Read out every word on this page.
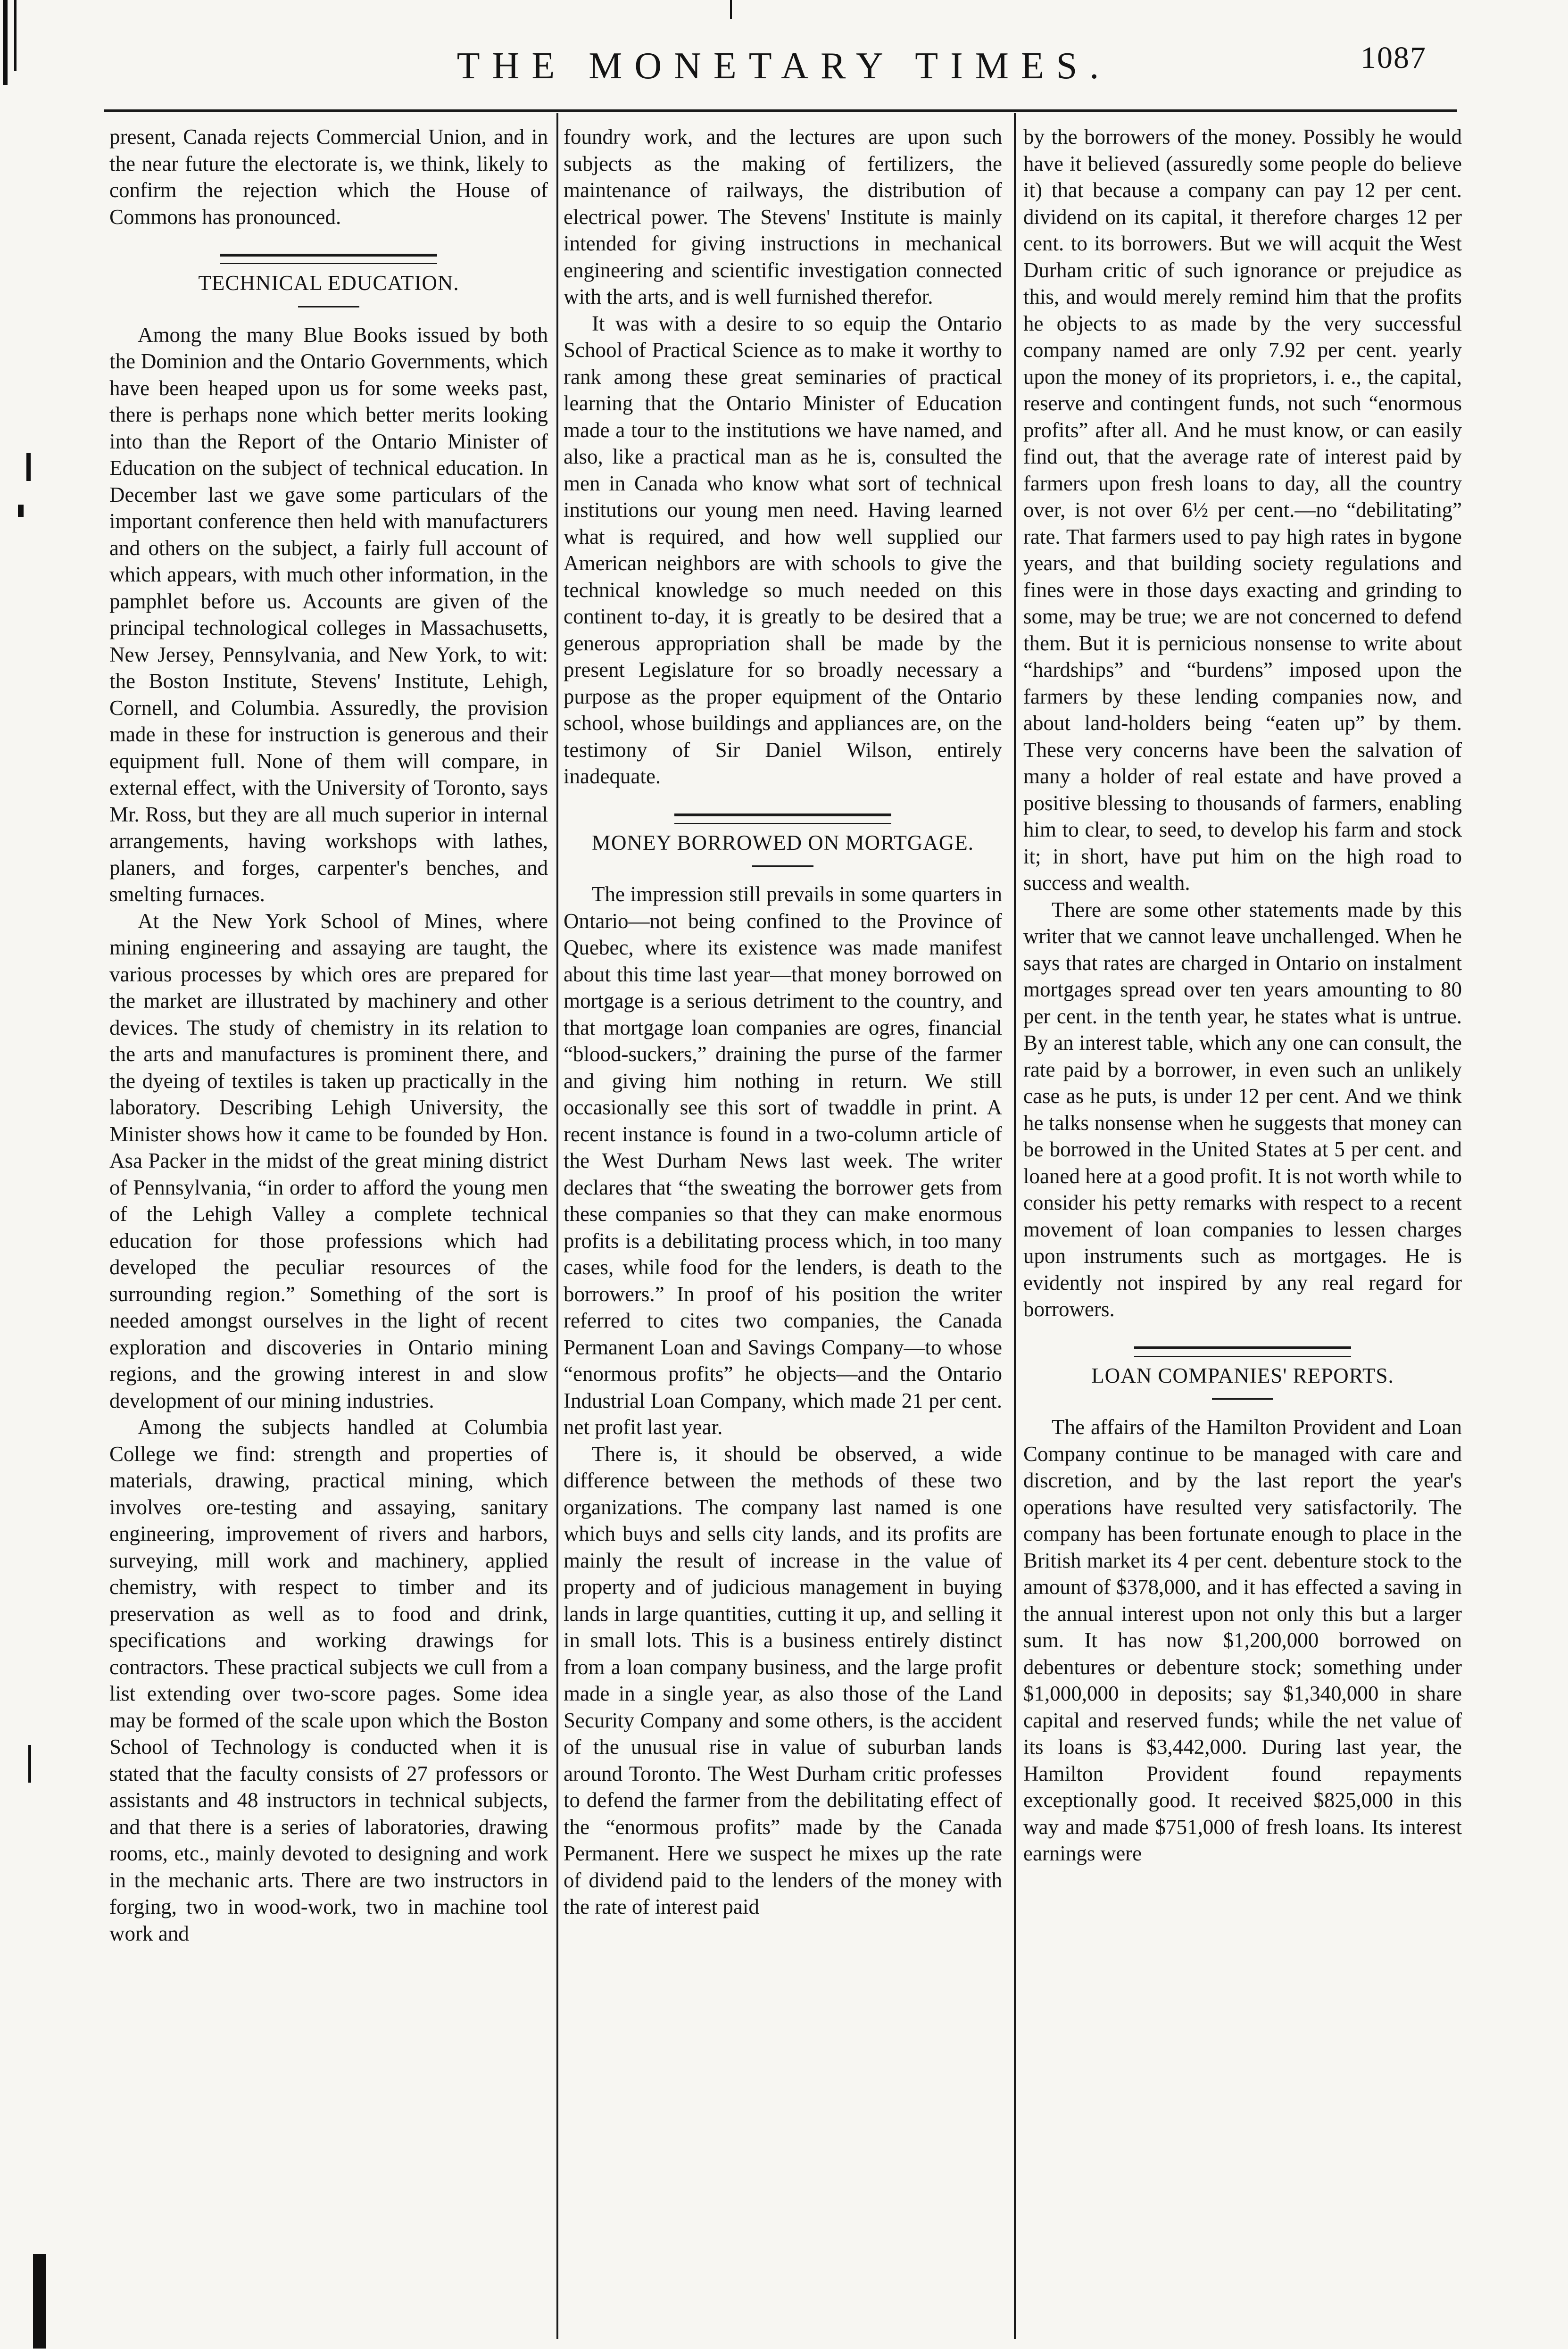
THE MONETARY TIMES.	1087

present, Canada rejects Commercial Union, and in the near future the electorate is, we think, likely to confirm the rejection which the House of Commons has pronounced.

TECHNICAL EDUCATION.

Among the many Blue Books issued by both the Dominion and the Ontario Governments, which have been heaped upon us for some weeks past, there is perhaps none which better merits looking into than the Report of the Ontario Minister of Education on the subject of technical education. In December last we gave some particulars of the important conference then held with manufacturers and others on the subject, a fairly full account of which appears, with much other information, in the pamphlet before us. Accounts are given of the principal technological colleges in Massachusetts, New Jersey, Pennsylvania, and New York, to wit: the Boston Institute, Stevens' Institute, Lehigh, Cornell, and Columbia. Assuredly, the provision made in these for instruction is generous and their equipment full. None of them will compare, in external effect, with the University of Toronto, says Mr. Ross, but they are all much superior in internal arrangements, having workshops with lathes, planers, and forges, carpenter's benches, and smelting furnaces.

At the New York School of Mines, where mining engineering and assaying are taught, the various processes by which ores are prepared for the market are illustrated by machinery and other devices. The study of chemistry in its relation to the arts and manufactures is prominent there, and the dyeing of textiles is taken up practically in the laboratory. Describing Lehigh University, the Minister shows how it came to be founded by Hon. Asa Packer in the midst of the great mining district of Pennsylvania, “in order to afford the young men of the Lehigh Valley a complete technical education for those professions which had developed the peculiar resources of the surrounding region.” Something of the sort is needed amongst ourselves in the light of recent exploration and discoveries in Ontario mining regions, and the growing interest in and slow development of our mining industries.

Among the subjects handled at Columbia College we find: strength and properties of materials, drawing, practical mining, which involves ore-testing and assaying, sanitary engineering, improvement of rivers and harbors, surveying, mill work and machinery, applied chemistry, with respect to timber and its preservation as well as to food and drink, specifications and working drawings for contractors. These practical subjects we cull from a list extending over two-score pages. Some idea may be formed of the scale upon which the Boston School of Technology is conducted when it is stated that the faculty consists of 27 professors or assistants and 48 instructors in technical subjects, and that there is a series of laboratories, drawing rooms, etc., mainly devoted to designing and work in the mechanic arts. There are two instructors in forging, two in wood-work, two in machine tool work and

foundry work, and the lectures are upon such subjects as the making of fertilizers, the maintenance of railways, the distribution of electrical power. The Stevens' Institute is mainly intended for giving instructions in mechanical engineering and scientific investigation connected with the arts, and is well furnished therefor.

It was with a desire to so equip the Ontario School of Practical Science as to make it worthy to rank among these great seminaries of practical learning that the Ontario Minister of Education made a tour to the institutions we have named, and also, like a practical man as he is, consulted the men in Canada who know what sort of technical institutions our young men need. Having learned what is required, and how well supplied our American neighbors are with schools to give the technical knowledge so much needed on this continent to-day, it is greatly to be desired that a generous appropriation shall be made by the present Legislature for so broadly necessary a purpose as the proper equipment of the Ontario school, whose buildings and appliances are, on the testimony of Sir Daniel Wilson, entirely inadequate.

MONEY BORROWED ON MORTGAGE.

The impression still prevails in some quarters in Ontario—not being confined to the Province of Quebec, where its existence was made manifest about this time last year—that money borrowed on mortgage is a serious detriment to the country, and that mortgage loan companies are ogres, financial “blood-suckers,” draining the purse of the farmer and giving him nothing in return. We still occasionally see this sort of twaddle in print. A recent instance is found in a two-column article of the West Durham News last week. The writer declares that “the sweating the borrower gets from these companies so that they can make enormous profits is a debilitating process which, in too many cases, while food for the lenders, is death to the borrowers.” In proof of his position the writer referred to cites two companies, the Canada Permanent Loan and Savings Company—to whose “enormous profits” he objects—and the Ontario Industrial Loan Company, which made 21 per cent. net profit last year.

There is, it should be observed, a wide difference between the methods of these two organizations. The company last named is one which buys and sells city lands, and its profits are mainly the result of increase in the value of property and of judicious management in buying lands in large quantities, cutting it up, and selling it in small lots. This is a business entirely distinct from a loan company business, and the large profit made in a single year, as also those of the Land Security Company and some others, is the accident of the unusual rise in value of suburban lands around Toronto. The West Durham critic professes to defend the farmer from the debilitating effect of the “enormous profits” made by the Canada Permanent. Here we suspect he mixes up the rate of dividend paid to the lenders of the money with the rate of interest paid

by the borrowers of the money. Possibly he would have it believed (assuredly some people do believe it) that because a company can pay 12 per cent. dividend on its capital, it therefore charges 12 per cent. to its borrowers. But we will acquit the West Durham critic of such ignorance or prejudice as this, and would merely remind him that the profits he objects to as made by the very successful company named are only 7.92 per cent. yearly upon the money of its proprietors, i. e., the capital, reserve and contingent funds, not such “enormous profits” after all. And he must know, or can easily find out, that the average rate of interest paid by farmers upon fresh loans to day, all the country over, is not over 6½ per cent.—no “debilitating” rate. That farmers used to pay high rates in bygone years, and that building society regulations and fines were in those days exacting and grinding to some, may be true; we are not concerned to defend them. But it is pernicious nonsense to write about “hardships” and “burdens” imposed upon the farmers by these lending companies now, and about land-holders being “eaten up” by them. These very concerns have been the salvation of many a holder of real estate and have proved a positive blessing to thousands of farmers, enabling him to clear, to seed, to develop his farm and stock it; in short, have put him on the high road to success and wealth.

There are some other statements made by this writer that we cannot leave unchallenged. When he says that rates are charged in Ontario on instalment mortgages spread over ten years amounting to 80 per cent. in the tenth year, he states what is untrue. By an interest table, which any one can consult, the rate paid by a borrower, in even such an unlikely case as he puts, is under 12 per cent. And we think he talks nonsense when he suggests that money can be borrowed in the United States at 5 per cent. and loaned here at a good profit. It is not worth while to consider his petty remarks with respect to a recent movement of loan companies to lessen charges upon instruments such as mortgages. He is evidently not inspired by any real regard for borrowers.

LOAN COMPANIES' REPORTS.

The affairs of the Hamilton Provident and Loan Company continue to be managed with care and discretion, and by the last report the year's operations have resulted very satisfactorily. The company has been fortunate enough to place in the British market its 4 per cent. debenture stock to the amount of $378,000, and it has effected a saving in the annual interest upon not only this but a larger sum. It has now $1,200,000 borrowed on debentures or debenture stock; something under $1,000,000 in deposits; say $1,340,000 in share capital and reserved funds; while the net value of its loans is $3,442,000. During last year, the Hamilton Provident found repayments exceptionally good. It received $825,000 in this way and made $751,000 of fresh loans. Its interest earnings were
